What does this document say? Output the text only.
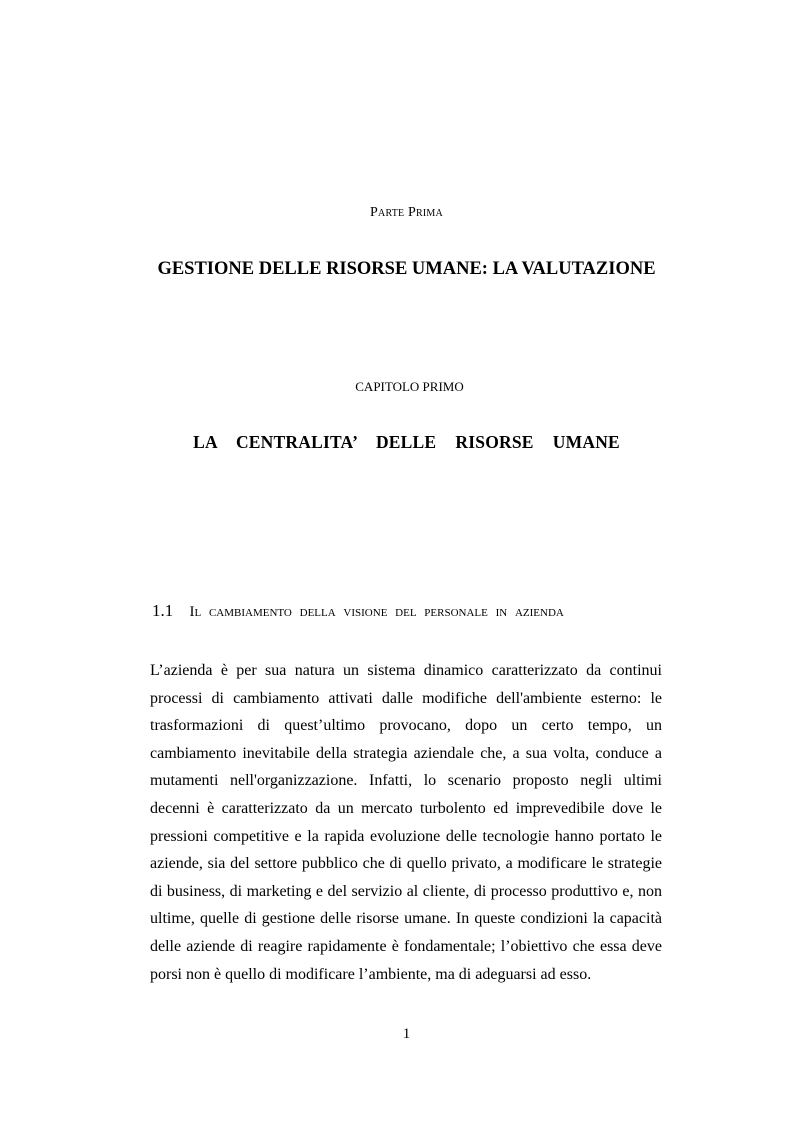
Parte Prima

GESTIONE DELLE RISORSE UMANE: LA VALUTAZIONE

CAPITOLO PRIMO

LA  CENTRALITA’  DELLE  RISORSE  UMANE
1.1 Il cambiamento della visione del personale in azienda
L’azienda è per sua natura un sistema dinamico caratterizzato da continui
processi di cambiamento attivati dalle modifiche dell'ambiente esterno: le
trasformazioni di quest’ultimo provocano, dopo un certo tempo, un
cambiamento inevitabile della strategia aziendale che, a sua volta, conduce a
mutamenti nell'organizzazione. Infatti, lo scenario proposto negli ultimi
decenni è caratterizzato da un mercato turbolento ed imprevedibile dove le
pressioni competitive e la rapida evoluzione delle tecnologie hanno portato le
aziende, sia del settore pubblico che di quello privato, a modificare le strategie
di business, di marketing e del servizio al cliente, di processo produttivo e, non
ultime, quelle di gestione delle risorse umane. In queste condizioni la capacità
delle aziende di reagire rapidamente è fondamentale; l’obiettivo che essa deve
porsi non è quello di modificare l’ambiente, ma di adeguarsi ad esso.

1
